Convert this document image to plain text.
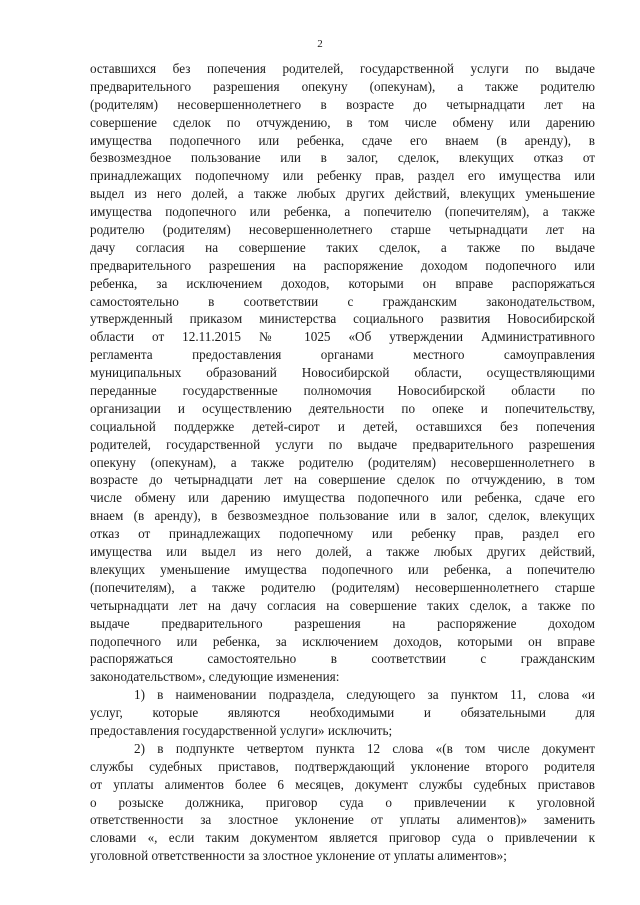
2
оставшихся без попечения родителей, государственной услуги по выдаче
предварительного разрешения опекуну (опекунам), а также родителю
(родителям) несовершеннолетнего в возрасте до четырнадцати лет на
совершение сделок по отчуждению, в том числе обмену или дарению
имущества подопечного или ребенка, сдаче его внаем (в аренду), в
безвозмездное пользование или в залог, сделок, влекущих отказ от
принадлежащих подопечному или ребенку прав, раздел его имущества или
выдел из него долей, а также любых других действий, влекущих уменьшение
имущества подопечного или ребенка, а попечителю (попечителям), а также
родителю (родителям) несовершеннолетнего старше четырнадцати лет на
дачу согласия на совершение таких сделок, а также по выдаче
предварительного разрешения на распоряжение доходом подопечного или
ребенка, за исключением доходов, которыми он вправе распоряжаться
самостоятельно в соответствии с гражданским законодательством,
утвержденный приказом министерства социального развития Новосибирской
области от 12.11.2015 № 1025 «Об утверждении Административного
регламента предоставления органами местного самоуправления
муниципальных образований Новосибирской области, осуществляющими
переданные государственные полномочия Новосибирской области по
организации и осуществлению деятельности по опеке и попечительству,
социальной поддержке детей-сирот и детей, оставшихся без попечения
родителей, государственной услуги по выдаче предварительного разрешения
опекуну (опекунам), а также родителю (родителям) несовершеннолетнего в
возрасте до четырнадцати лет на совершение сделок по отчуждению, в том
числе обмену или дарению имущества подопечного или ребенка, сдаче его
внаем (в аренду), в безвозмездное пользование или в залог, сделок, влекущих
отказ от принадлежащих подопечному или ребенку прав, раздел его
имущества или выдел из него долей, а также любых других действий,
влекущих уменьшение имущества подопечного или ребенка, а попечителю
(попечителям), а также родителю (родителям) несовершеннолетнего старше
четырнадцати лет на дачу согласия на совершение таких сделок, а также по
выдаче предварительного разрешения на распоряжение доходом
подопечного или ребенка, за исключением доходов, которыми он вправе
распоряжаться самостоятельно в соответствии с гражданским
законодательством», следующие изменения:
1) в наименовании подраздела, следующего за пунктом 11, слова «и
услуг, которые являются необходимыми и обязательными для
предоставления государственной услуги» исключить;
2) в подпункте четвертом пункта 12 слова «(в том числе документ
службы судебных приставов, подтверждающий уклонение второго родителя
от уплаты алиментов более 6 месяцев, документ службы судебных приставов
о розыске должника, приговор суда о привлечении к уголовной
ответственности за злостное уклонение от уплаты алиментов)» заменить
словами «, если таким документом является приговор суда о привлечении к
уголовной ответственности за злостное уклонение от уплаты алиментов»;
